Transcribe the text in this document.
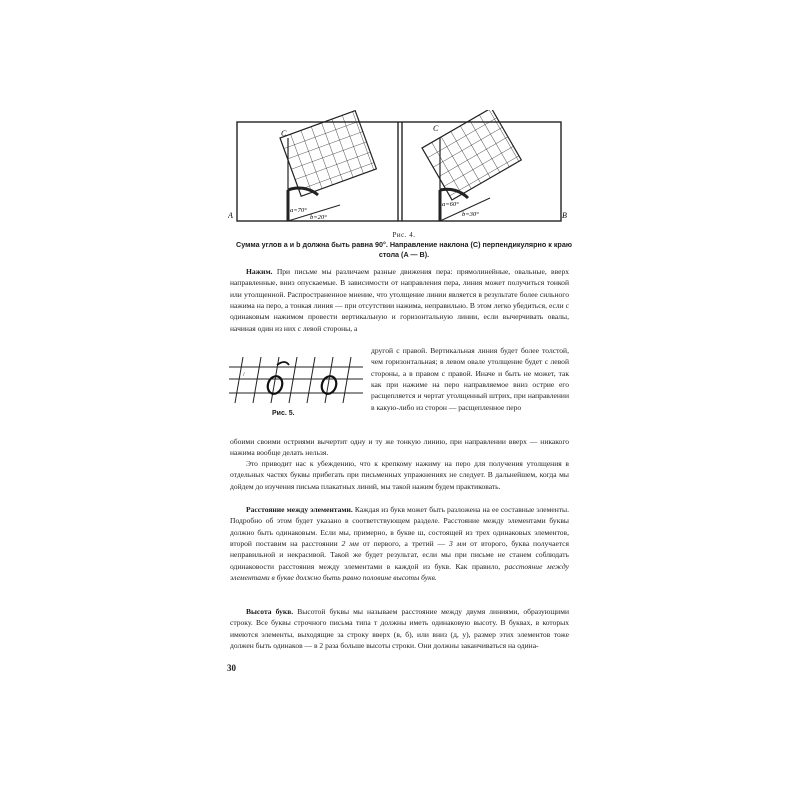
C
C
a=70°
b=20°
a=60°
b=30°
A	B
Рис. 4.
Сумма углов a и b должна быть равна 90°. Направление наклона (C) перпендикулярно к краю стола (A — B).
Нажим. При письме мы различаем разные движения пера: прямолинейные, овальные, вверх направленные, вниз опускаемые. В зависимости от направления пера, линия может получиться тонкой или утолщенной. Распространенное мнение, что утолщение линии является в результате более сильного нажима на перо, а тонкая линия — при отсутствии нажима, неправильно. В этом легко убедиться, если с одинаковым нажимом провести вертикальную и горизонтальную линии, если вычерчивать овалы, начиная один из них с левой стороны, а
/
Рис. 5.
другой с правой. Вертикальная линия будет более толстой, чем горизонтальная; в левом овале утолщение будет с левой стороны, а в правом с правой. Иначе и быть не может, так как при нажиме на перо направляемое вниз острие его расщепляется и чертат утолщенный штрих, при направлении в какую-либо из сторон — расщепленное перо
обоими своими остриями вычертит одну и ту же тонкую линию, при направлении вверх — никакого нажима вообще делать нельзя.
Это приводит нас к убеждению, что к крепкому нажиму на перо для получения утолщения в отдельных частях буквы прибегать при письменных упражнениях не следует. В дальнейшем, когда мы дойдем до изучения письма плакатных линий, мы такой нажим будем практиковать.
Расстояние между элементами. Каждая из букв может быть разложена на ее составные элементы. Подробно об этом будет указано в соответствующем разделе. Расстояние между элементами буквы должно быть одинаковым. Если мы, примерно, в букве ш, состоящей из трех одинаковых элементов, второй поставим на расстоянии 2 мм от первого, а третий — 3 мм от второго, буква получается неправильной и некрасивой. Такой же будет результат, если мы при письме не станем соблюдать одинаковости расстояния между элементами в каждой из букв. Как правило, расстояние между элементами в букве должно быть равно половине высоты букв.
Высота букв. Высотой буквы мы называем расстояние между двумя линиями, образующими строку. Все буквы строчного письма типа т должны иметь одинаковую высоту. В буквах, в которых имеются элементы, выходящие за строку вверх (в, б), или вниз (д, у), размер этих элементов тоже должен быть одинаков — в 2 раза больше высоты строки. Они должны заканчиваться на одина-
30
